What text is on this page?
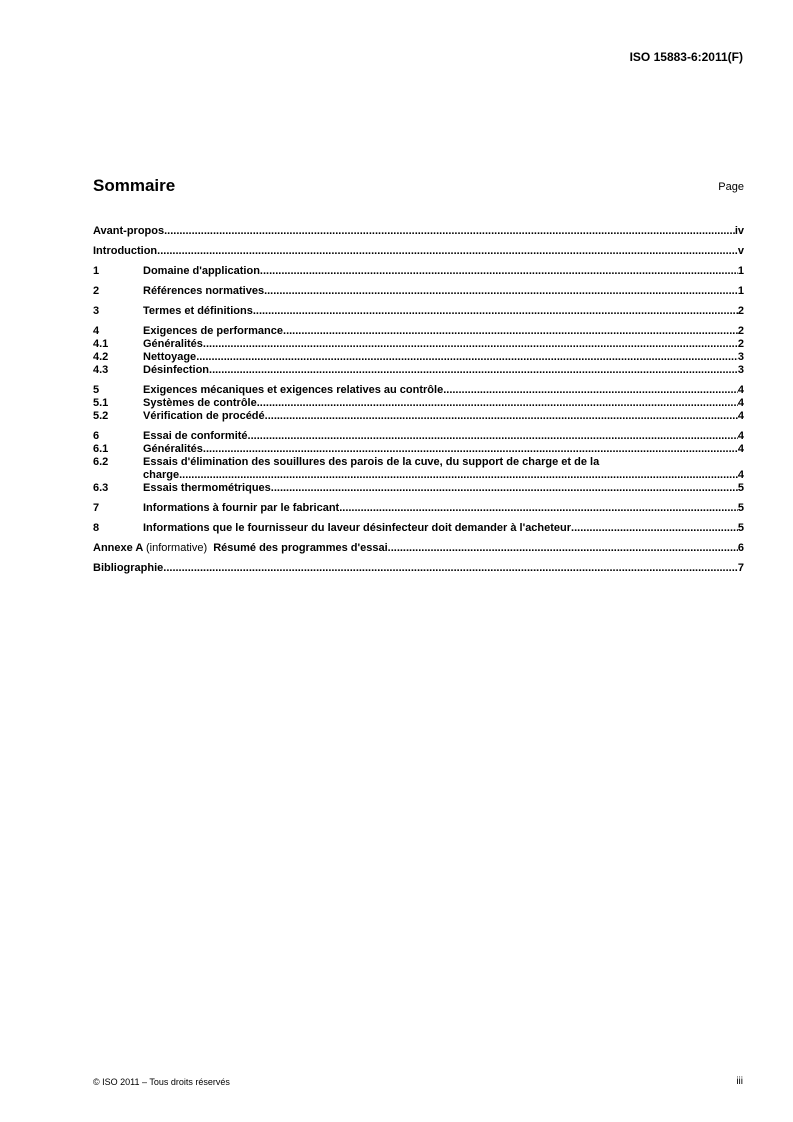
ISO 15883-6:2011(F)
Sommaire	Page
Avant-propos .....	iv
Introduction .....	v
1	Domaine d'application .....	1
2	Références normatives .....	1
3	Termes et définitions .....	2
4	Exigences de performance .....	2
4.1	Généralités .....	2
4.2	Nettoyage .....	3
4.3	Désinfection .....	3
5	Exigences mécaniques et exigences relatives au contrôle .....	4
5.1	Systèmes de contrôle .....	4
5.2	Vérification de procédé .....	4
6	Essai de conformité .....	4
6.1	Généralités .....	4
6.2	Essais d'élimination des souillures des parois de la cuve, du support de charge et de la
charge .....	4
6.3	Essais thermométriques .....	5
7	Informations à fournir par le fabricant .....	5
8	Informations que le fournisseur du laveur désinfecteur doit demander à l'acheteur .....	5
Annexe A (informative) Résumé des programmes d'essai .....	6
Bibliographie .....	7
© ISO 2011 – Tous droits réservés	iii
